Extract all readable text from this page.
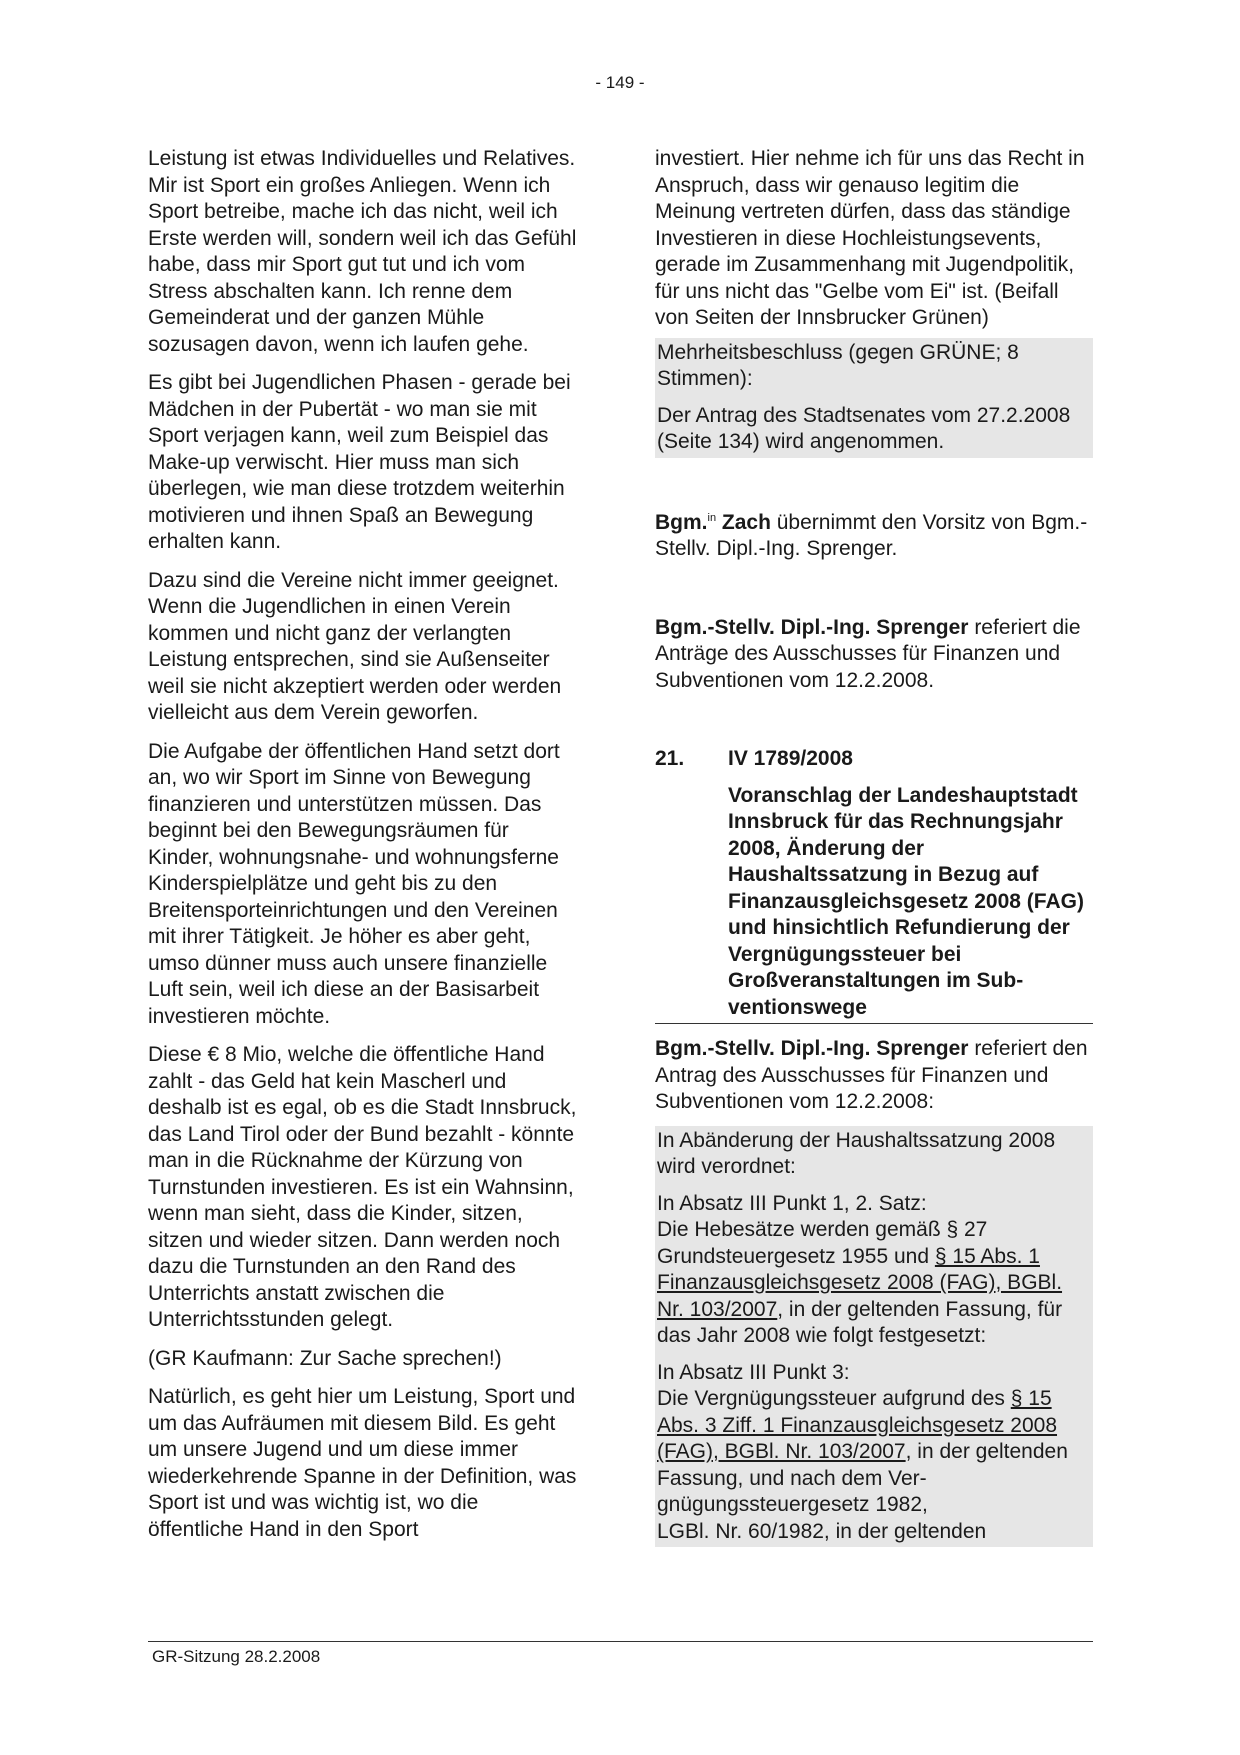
- 149 -

Leistung ist etwas Individuelles und Relatives. Mir ist Sport ein großes Anliegen. Wenn ich Sport betreibe, mache ich das nicht, weil ich Erste werden will, sondern weil ich das Gefühl habe, dass mir Sport gut tut und ich vom Stress abschalten kann. Ich renne dem Gemeinderat und der ganzen Mühle sozusagen davon, wenn ich laufen gehe.

Es gibt bei Jugendlichen Phasen - gerade bei Mädchen in der Pubertät - wo man sie mit Sport verjagen kann, weil zum Beispiel das Make-up verwischt. Hier muss man sich überlegen, wie man diese trotzdem weiterhin motivieren und ihnen Spaß an Bewegung erhalten kann.

Dazu sind die Vereine nicht immer geeignet. Wenn die Jugendlichen in einen Verein kommen und nicht ganz der verlangten Leistung entsprechen, sind sie Außenseiter weil sie nicht akzeptiert werden oder werden vielleicht aus dem Verein geworfen.

Die Aufgabe der öffentlichen Hand setzt dort an, wo wir Sport im Sinne von Bewegung finanzieren und unterstützen müssen. Das beginnt bei den Bewegungsräumen für Kinder, wohnungsnahe- und wohnungsferne Kinderspielplätze und geht bis zu den Breitensporteinrichtungen und den Vereinen mit ihrer Tätigkeit. Je höher es aber geht, umso dünner muss auch unsere finanzielle Luft sein, weil ich diese an der Basisarbeit investieren möchte.

Diese € 8 Mio, welche die öffentliche Hand zahlt - das Geld hat kein Mascherl und deshalb ist es egal, ob es die Stadt Innsbruck, das Land Tirol oder der Bund bezahlt - könnte man in die Rücknahme der Kürzung von Turnstunden investieren. Es ist ein Wahnsinn, wenn man sieht, dass die Kinder, sitzen, sitzen und wieder sitzen. Dann werden noch dazu die Turnstunden an den Rand des Unterrichts anstatt zwischen die Unterrichtsstunden gelegt.

(GR Kaufmann: Zur Sache sprechen!)

Natürlich, es geht hier um Leistung, Sport und um das Aufräumen mit diesem Bild. Es geht um unsere Jugend und um diese immer wiederkehrende Spanne in der Definition, was Sport ist und was wichtig ist, wo die öffentliche Hand in den Sport

investiert. Hier nehme ich für uns das Recht in Anspruch, dass wir genauso legitim die Meinung vertreten dürfen, dass das ständige Investieren in diese Hochleistungsevents, gerade im Zusammenhang mit Jugendpolitik, für uns nicht das "Gelbe vom Ei" ist. (Beifall von Seiten der Innsbrucker Grünen)

Mehrheitsbeschluss (gegen GRÜNE; 8 Stimmen):

Der Antrag des Stadtsenates vom 27.2.2008 (Seite 134) wird angenommen.

Bgm.$^{in}$ Zach übernimmt den Vorsitz von Bgm.-Stellv. Dipl.-Ing. Sprenger.

Bgm.-Stellv. Dipl.-Ing. Sprenger referiert die Anträge des Ausschusses für Finanzen und Subventionen vom 12.2.2008.

21.	IV 1789/2008
Voranschlag der Landeshauptstadt Innsbruck für das Rechnungsjahr 2008, Änderung der Haushaltssatzung in Bezug auf Finanzausgleichsgesetz 2008 (FAG) und hinsichtlich Refundierung der Vergnügungssteuer bei Großveranstaltungen im Subventionswege

Bgm.-Stellv. Dipl.-Ing. Sprenger referiert den Antrag des Ausschusses für Finanzen und Subventionen vom 12.2.2008:

In Abänderung der Haushaltssatzung 2008 wird verordnet:

In Absatz III Punkt 1, 2. Satz:
Die Hebesätze werden gemäß § 27 Grundsteuergesetz 1955 und § 15 Abs. 1 Finanzausgleichsgesetz 2008 (FAG), BGBl. Nr. 103/2007, in der geltenden Fassung, für das Jahr 2008 wie folgt festgesetzt:

In Absatz III Punkt 3:
Die Vergnügungssteuer aufgrund des § 15 Abs. 3 Ziff. 1 Finanzausgleichsgesetz 2008 (FAG), BGBl. Nr. 103/2007, in der geltenden Fassung, und nach dem Vergnügungssteuergesetz 1982,
LGBl. Nr. 60/1982, in der geltenden

GR-Sitzung 28.2.2008
